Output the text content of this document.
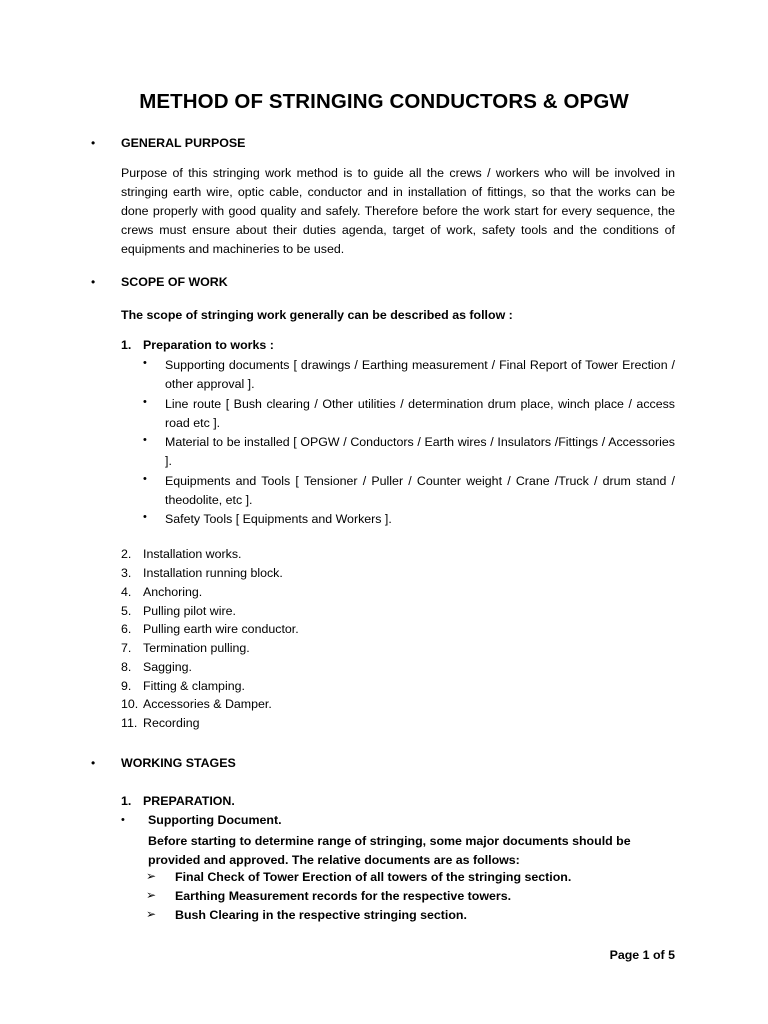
METHOD OF STRINGING CONDUCTORS & OPGW
• GENERAL PURPOSE
Purpose of this stringing work method is to guide all the crews / workers who will be involved in stringing earth wire, optic cable, conductor and in installation of fittings, so that the works can be done properly with good quality and safely. Therefore before the work start for every sequence, the crews must ensure about their duties agenda, target of work, safety tools and the conditions of equipments and machineries to be used.
• SCOPE OF WORK
The scope of stringing work generally can be described as follow :
1. Preparation to works :
• Supporting documents [ drawings / Earthing measurement / Final Report of Tower Erection / other approval ].
• Line route [ Bush clearing / Other utilities / determination drum place, winch place / access road etc ].
• Material to be installed [ OPGW / Conductors / Earth wires / Insulators /Fittings / Accessories ].
• Equipments and Tools [ Tensioner / Puller / Counter weight / Crane /Truck / drum stand / theodolite, etc ].
• Safety Tools [ Equipments and Workers ].
2. Installation works.
3. Installation running block.
4. Anchoring.
5. Pulling pilot wire.
6. Pulling earth wire conductor.
7. Termination pulling.
8. Sagging.
9. Fitting & clamping.
10. Accessories & Damper.
11. Recording
• WORKING STAGES
1. PREPARATION.
• Supporting Document.
Before starting to determine range of stringing, some major documents should be provided and approved. The relative documents are as follows:
➢ Final Check of Tower Erection of all towers of the stringing section.
➢ Earthing Measurement records for the respective towers.
➢ Bush Clearing in the respective stringing section.
Page 1 of 5
